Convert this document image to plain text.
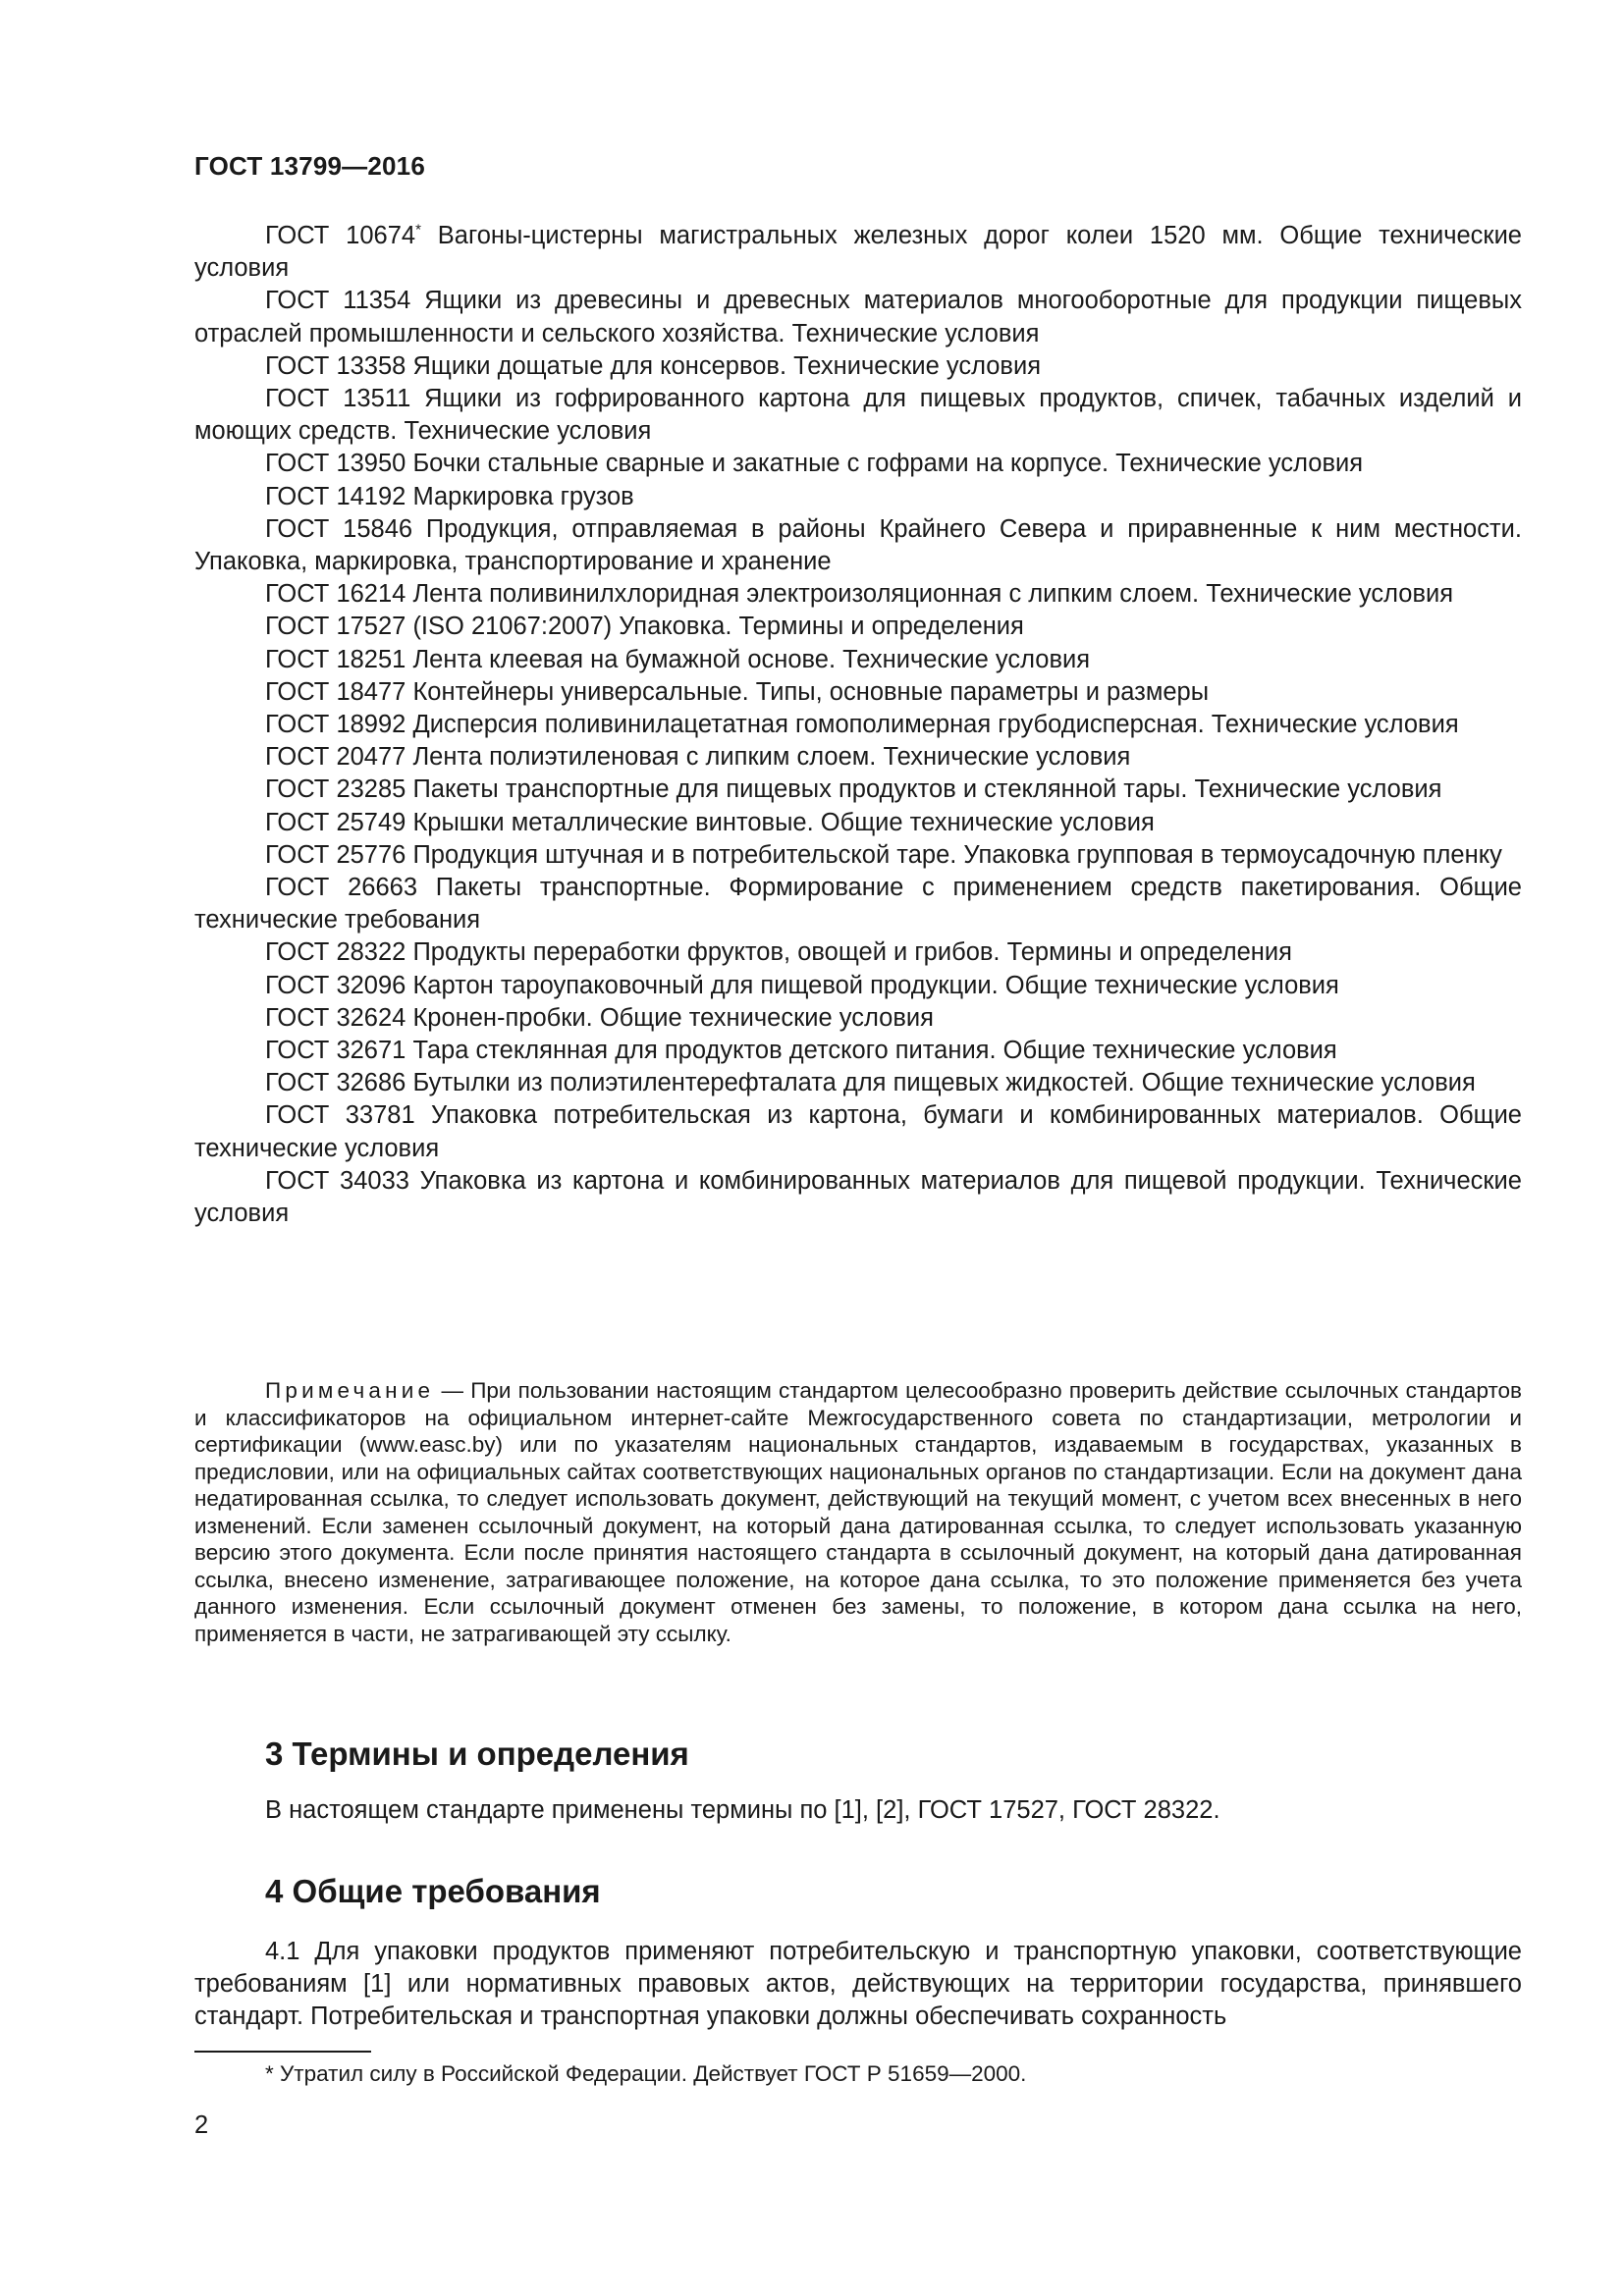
ГОСТ 13799—2016

ГОСТ 10674* Вагоны-цистерны магистральных железных дорог колеи 1520 мм. Общие технические условия

ГОСТ 11354 Ящики из древесины и древесных материалов многооборотные для продукции пищевых отраслей промышленности и сельского хозяйства. Технические условия

ГОСТ 13358 Ящики дощатые для консервов. Технические условия

ГОСТ 13511 Ящики из гофрированного картона для пищевых продуктов, спичек, табачных изделий и моющих средств. Технические условия

ГОСТ 13950 Бочки стальные сварные и закатные с гофрами на корпусе. Технические условия

ГОСТ 14192 Маркировка грузов

ГОСТ 15846 Продукция, отправляемая в районы Крайнего Севера и приравненные к ним местности. Упаковка, маркировка, транспортирование и хранение

ГОСТ 16214 Лента поливинилхлоридная электроизоляционная с липким слоем. Технические условия

ГОСТ 17527 (ISO 21067:2007) Упаковка. Термины и определения

ГОСТ 18251 Лента клеевая на бумажной основе. Технические условия

ГОСТ 18477 Контейнеры универсальные. Типы, основные параметры и размеры

ГОСТ 18992 Дисперсия поливинилацетатная гомополимерная грубодисперсная. Технические условия

ГОСТ 20477 Лента полиэтиленовая с липким слоем. Технические условия

ГОСТ 23285 Пакеты транспортные для пищевых продуктов и стеклянной тары. Технические условия

ГОСТ 25749 Крышки металлические винтовые. Общие технические условия

ГОСТ 25776 Продукция штучная и в потребительской таре. Упаковка групповая в термоусадочную пленку

ГОСТ 26663 Пакеты транспортные. Формирование с применением средств пакетирования. Общие технические требования

ГОСТ 28322 Продукты переработки фруктов, овощей и грибов. Термины и определения

ГОСТ 32096 Картон тароупаковочный для пищевой продукции. Общие технические условия

ГОСТ 32624 Кронен-пробки. Общие технические условия

ГОСТ 32671 Тара стеклянная для продуктов детского питания. Общие технические условия

ГОСТ 32686 Бутылки из полиэтилентерефталата для пищевых жидкостей. Общие технические условия

ГОСТ 33781 Упаковка потребительская из картона, бумаги и комбинированных материалов. Общие технические условия

ГОСТ 34033 Упаковка из картона и комбинированных материалов для пищевой продукции. Технические условия

Примечание — При пользовании настоящим стандартом целесообразно проверить действие ссылочных стандартов и классификаторов на официальном интернет-сайте Межгосударственного совета по стандартизации, метрологии и сертификации (www.easc.by) или по указателям национальных стандартов, издаваемым в государствах, указанных в предисловии, или на официальных сайтах соответствующих национальных органов по стандартизации. Если на документ дана недатированная ссылка, то следует использовать документ, действующий на текущий момент, с учетом всех внесенных в него изменений. Если заменен ссылочный документ, на который дана датированная ссылка, то следует использовать указанную версию этого документа. Если после принятия настоящего стандарта в ссылочный документ, на который дана датированная ссылка, внесено изменение, затрагивающее положение, на которое дана ссылка, то это положение применяется без учета данного изменения. Если ссылочный документ отменен без замены, то положение, в котором дана ссылка на него, применяется в части, не затрагивающей эту ссылку.

3 Термины и определения

В настоящем стандарте применены термины по [1], [2], ГОСТ 17527, ГОСТ 28322.

4 Общие требования

4.1 Для упаковки продуктов применяют потребительскую и транспортную упаковки, соответствующие требованиям [1] или нормативных правовых актов, действующих на территории государства, принявшего стандарт. Потребительская и транспортная упаковки должны обеспечивать сохранность

* Утратил силу в Российской Федерации. Действует ГОСТ Р 51659—2000.

2
